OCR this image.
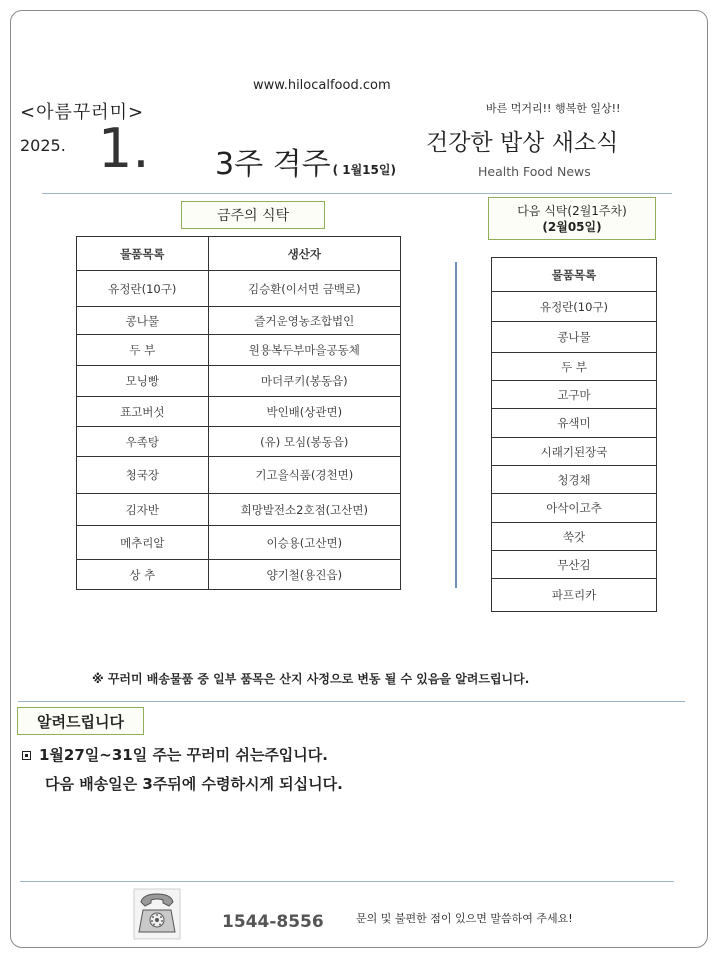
www.hilocalfood.com
<아름꾸러미>	바른 먹거리!! 행복한 일상!!
2025. 1. 3주 격주 ( 1월15일)
건강한 밥상 새소식
Health Food News
금주의 식탁	다음 식탁(2월1주차)
(2월05일)
물품목록	생산자
유정란(10구)	김승환(이서면 금백로)
콩나물	즐거운영농조합법인
두 부	원용복두부마을공동체
모닝빵	마더쿠키(봉동읍)
표고버섯	박인배(상관면)
우족탕	(유) 모심(봉동읍)
청국장	기고을식품(경천면)
김자반	희망발전소2호점(고산면)
메추리알	이승용(고산면)
상 추	양기철(용진읍)
물품목록
유정란(10구)
콩나물
두 부
고구마
유색미
시래기된장국
청경채
아삭이고추
쑥갓
무산김
파프리카
※ 꾸러미 배송물품 중 일부 품목은 산지 사정으로 변동 될 수 있음을 알려드립니다.
알려드립니다
1월27일~31일 주는 꾸러미 쉬는주입니다.
다음 배송일은 3주뒤에 수령하시게 되십니다.
1544-8556	문의 및 불편한 점이 있으면 말씀하여 주세요!
